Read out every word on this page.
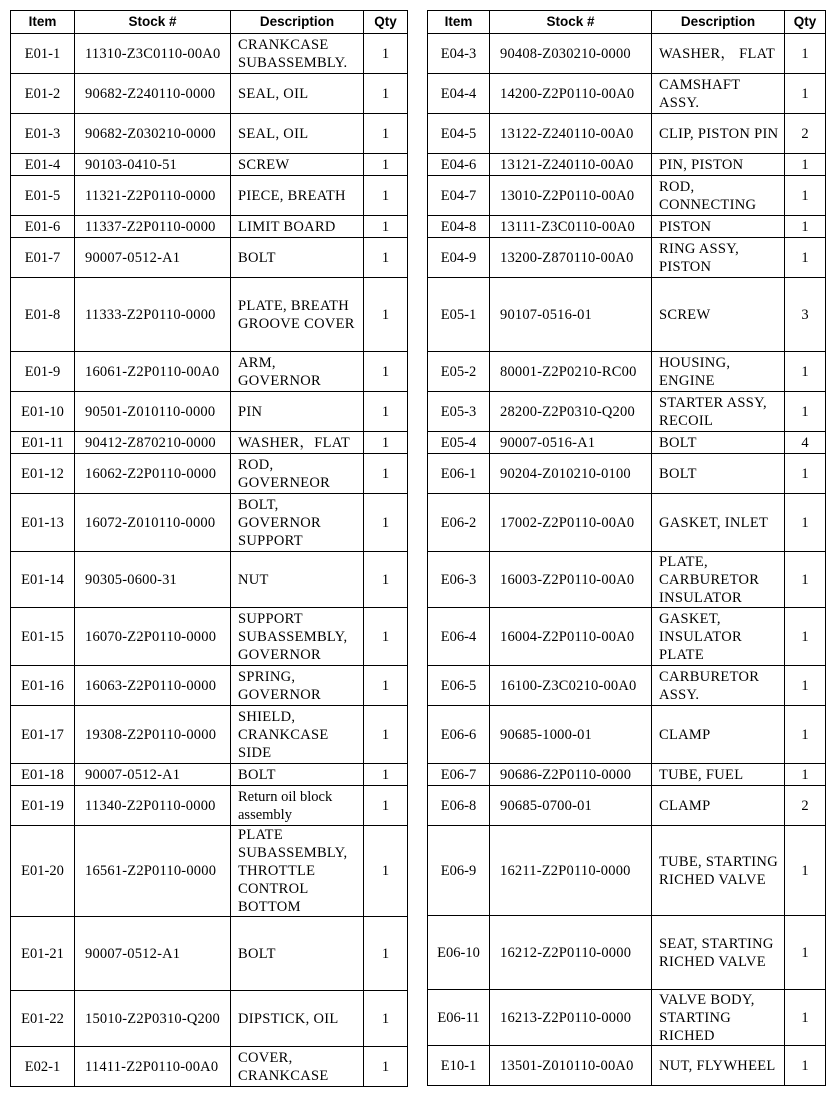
Item	Stock #	Description	Qty
E01-1	11310-Z3C0110-00A0	CRANKCASE SUBASSEMBLY.	1
E01-2	90682-Z240110-0000	SEAL, OIL	1
E01-3	90682-Z030210-0000	SEAL, OIL	1
E01-4	90103-0410-51	SCREW	1
E01-5	11321-Z2P0110-0000	PIECE, BREATH	1
E01-6	11337-Z2P0110-0000	LIMIT BOARD	1
E01-7	90007-0512-A1	BOLT	1
E01-8	11333-Z2P0110-0000	PLATE, BREATH GROOVE COVER	1
E01-9	16061-Z2P0110-00A0	ARM, GOVERNOR	1
E01-10	90501-Z010110-0000	PIN	1
E01-11	90412-Z870210-0000	WASHER，FLAT	1
E01-12	16062-Z2P0110-0000	ROD, GOVERNEOR	1
E01-13	16072-Z010110-0000	BOLT, GOVERNOR SUPPORT	1
E01-14	90305-0600-31	NUT	1
E01-15	16070-Z2P0110-0000	SUPPORT SUBASSEMBLY, GOVERNOR	1
E01-16	16063-Z2P0110-0000	SPRING, GOVERNOR	1
E01-17	19308-Z2P0110-0000	SHIELD, CRANKCASE SIDE	1
E01-18	90007-0512-A1	BOLT	1
E01-19	11340-Z2P0110-0000	Return oil block assembly	1
E01-20	16561-Z2P0110-0000	PLATE SUBASSEMBLY, THROTTLE CONTROL BOTTOM	1
E01-21	90007-0512-A1	BOLT	1
E01-22	15010-Z2P0310-Q200	DIPSTICK, OIL	1
E02-1	11411-Z2P0110-00A0	COVER, CRANKCASE	1
Item	Stock #	Description	Qty
E04-3	90408-Z030210-0000	WASHER， FLAT	1
E04-4	14200-Z2P0110-00A0	CAMSHAFT ASSY.	1
E04-5	13122-Z240110-00A0	CLIP, PISTON PIN	2
E04-6	13121-Z240110-00A0	PIN, PISTON	1
E04-7	13010-Z2P0110-00A0	ROD, CONNECTING	1
E04-8	13111-Z3C0110-00A0	PISTON	1
E04-9	13200-Z870110-00A0	RING ASSY, PISTON	1
E05-1	90107-0516-01	SCREW	3
E05-2	80001-Z2P0210-RC00	HOUSING, ENGINE	1
E05-3	28200-Z2P0310-Q200	STARTER ASSY, RECOIL	1
E05-4	90007-0516-A1	BOLT	4
E06-1	90204-Z010210-0100	BOLT	1
E06-2	17002-Z2P0110-00A0	GASKET, INLET	1
E06-3	16003-Z2P0110-00A0	PLATE, CARBURETOR INSULATOR	1
E06-4	16004-Z2P0110-00A0	GASKET, INSULATOR PLATE	1
E06-5	16100-Z3C0210-00A0	CARBURETOR ASSY.	1
E06-6	90685-1000-01	CLAMP	1
E06-7	90686-Z2P0110-0000	TUBE, FUEL	1
E06-8	90685-0700-01	CLAMP	2
E06-9	16211-Z2P0110-0000	TUBE, STARTING RICHED VALVE	1
E06-10	16212-Z2P0110-0000	SEAT, STARTING RICHED VALVE	1
E06-11	16213-Z2P0110-0000	VALVE BODY, STARTING RICHED	1
E10-1	13501-Z010110-00A0	NUT, FLYWHEEL	1
